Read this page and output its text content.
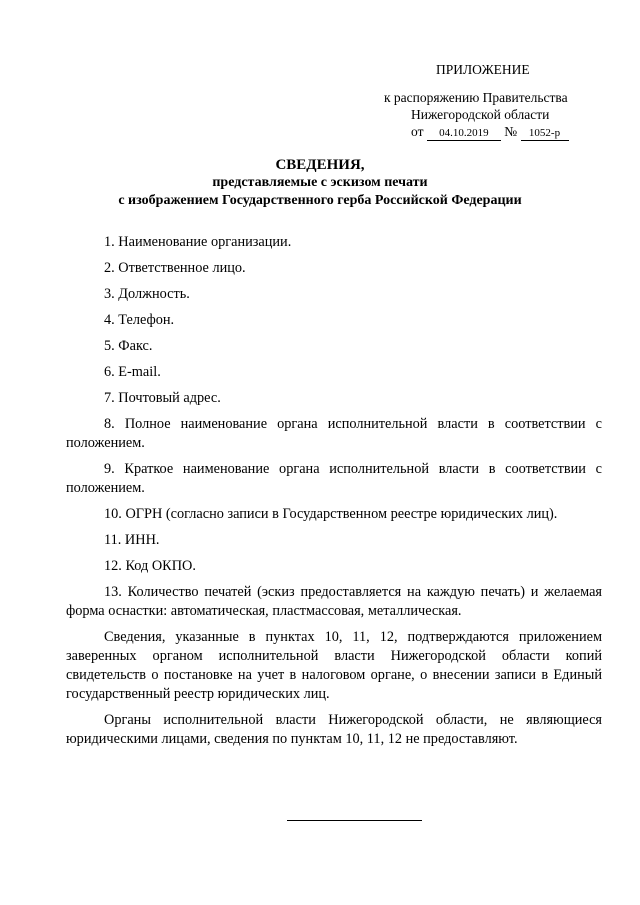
ПРИЛОЖЕНИЕ
к распоряжению Правительства
Нижегородской области
от 04.10.2019 № 1052-р
СВЕДЕНИЯ,
представляемые с эскизом печати
с изображением Государственного герба Российской Федерации

1. Наименование организации.

2. Ответственное лицо.

3. Должность.

4. Телефон.

5. Факс.

6. E-mail.

7. Почтовый адрес.

8. Полное наименование органа исполнительной власти в соответствии с положением.

9. Краткое наименование органа исполнительной власти в соответствии с положением.

10. ОГРН (согласно записи в Государственном реестре юридических лиц).

11. ИНН.

12. Код ОКПО.

13. Количество печатей (эскиз предоставляется на каждую печать) и желаемая форма оснастки: автоматическая, пластмассовая, металлическая.

Сведения, указанные в пунктах 10, 11, 12, подтверждаются приложением заверенных органом исполнительной власти Нижегородской области копий свидетельств о постановке на учет в налоговом органе, о внесении записи в Единый государственный реестр юридических лиц.

Органы исполнительной власти Нижегородской области, не являющиеся юридическими лицами, сведения по пунктам 10, 11, 12 не предоставляют.
